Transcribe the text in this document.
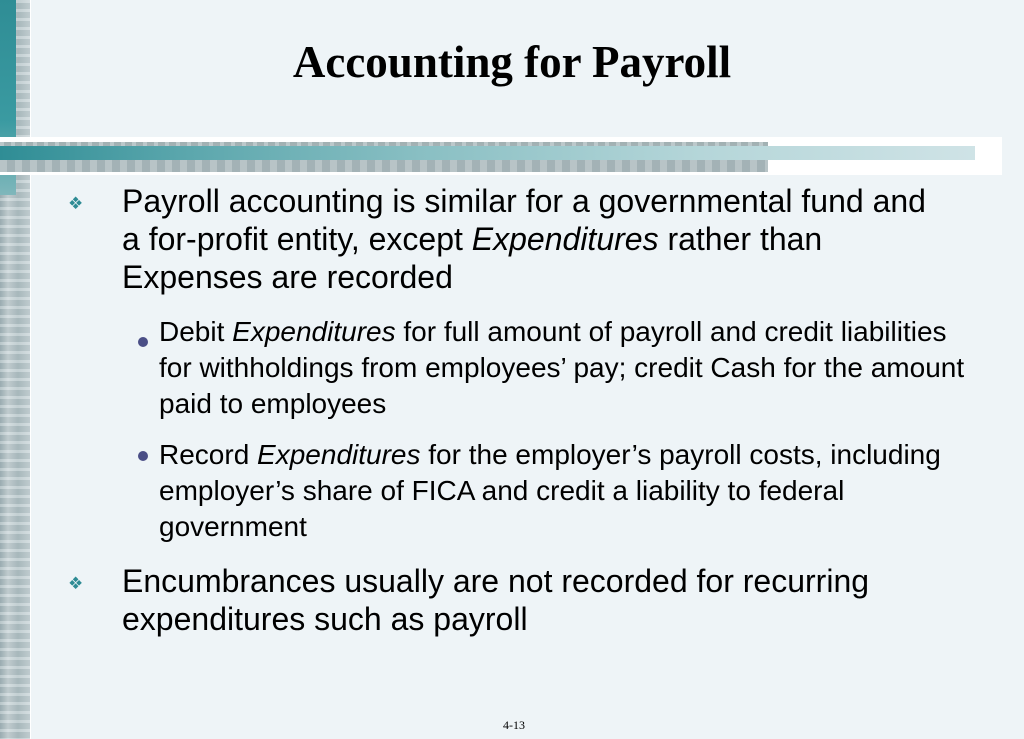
Accounting for Payroll
❖ Payroll accounting is similar for a governmental fund and a for-profit entity, except Expenditures rather than Expenses are recorded
Debit Expenditures for full amount of payroll and credit liabilities for withholdings from employees’ pay; credit Cash for the amount paid to employees
Record Expenditures for the employer’s payroll costs, including employer’s share of FICA and credit a liability to federal government
❖ Encumbrances usually are not recorded for recurring expenditures such as payroll
4-13
